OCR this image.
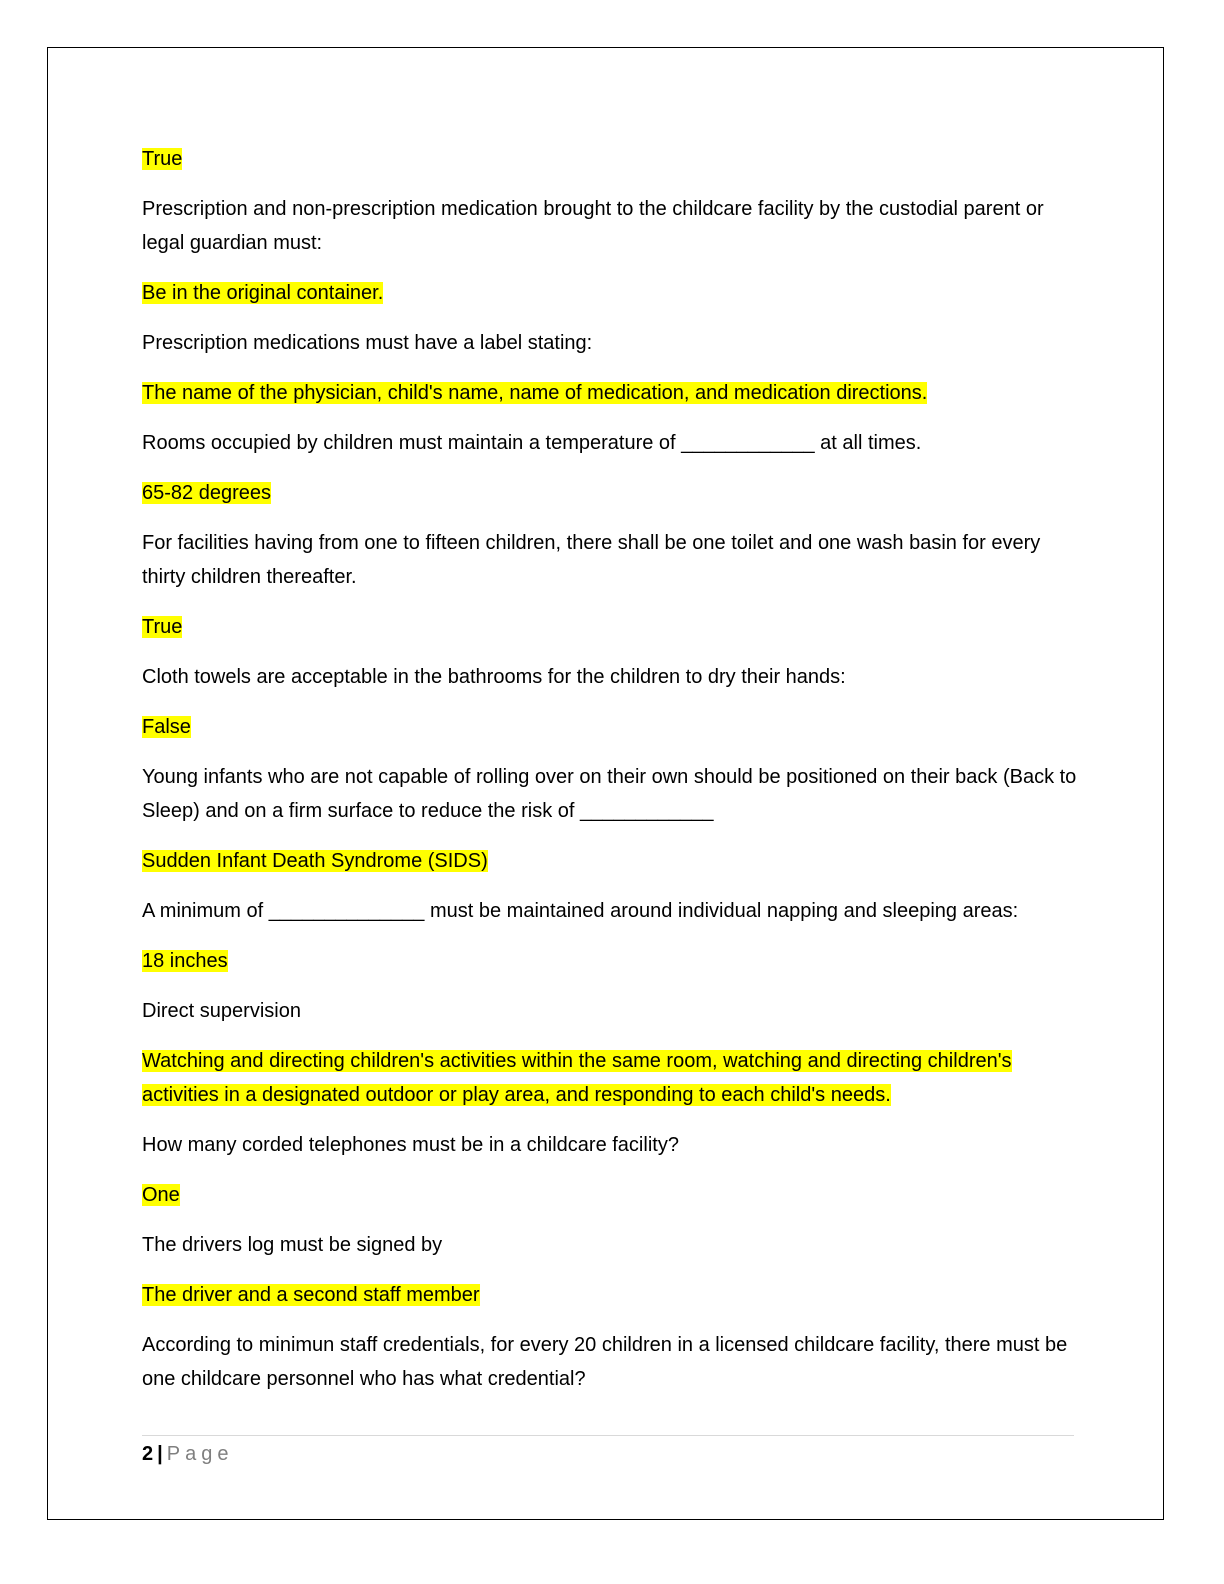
True

Prescription and non-prescription medication brought to the childcare facility by the custodial parent or legal guardian must:

Be in the original container.

Prescription medications must have a label stating:

The name of the physician, child's name, name of medication, and medication directions.

Rooms occupied by children must maintain a temperature of ____________ at all times.

65-82 degrees

For facilities having from one to fifteen children, there shall be one toilet and one wash basin for every thirty children thereafter.

True

Cloth towels are acceptable in the bathrooms for the children to dry their hands:

False

Young infants who are not capable of rolling over on their own should be positioned on their back (Back to Sleep) and on a firm surface to reduce the risk of ____________

Sudden Infant Death Syndrome (SIDS)

A minimum of ______________ must be maintained around individual napping and sleeping areas:

18 inches

Direct supervision

Watching and directing children's activities within the same room, watching and directing children's activities in a designated outdoor or play area, and responding to each child's needs.

How many corded telephones must be in a childcare facility?

One

The drivers log must be signed by

The driver and a second staff member

According to minimun staff credentials, for every 20 children in a licensed childcare facility, there must be one childcare personnel who has what credential?

2 | Page
